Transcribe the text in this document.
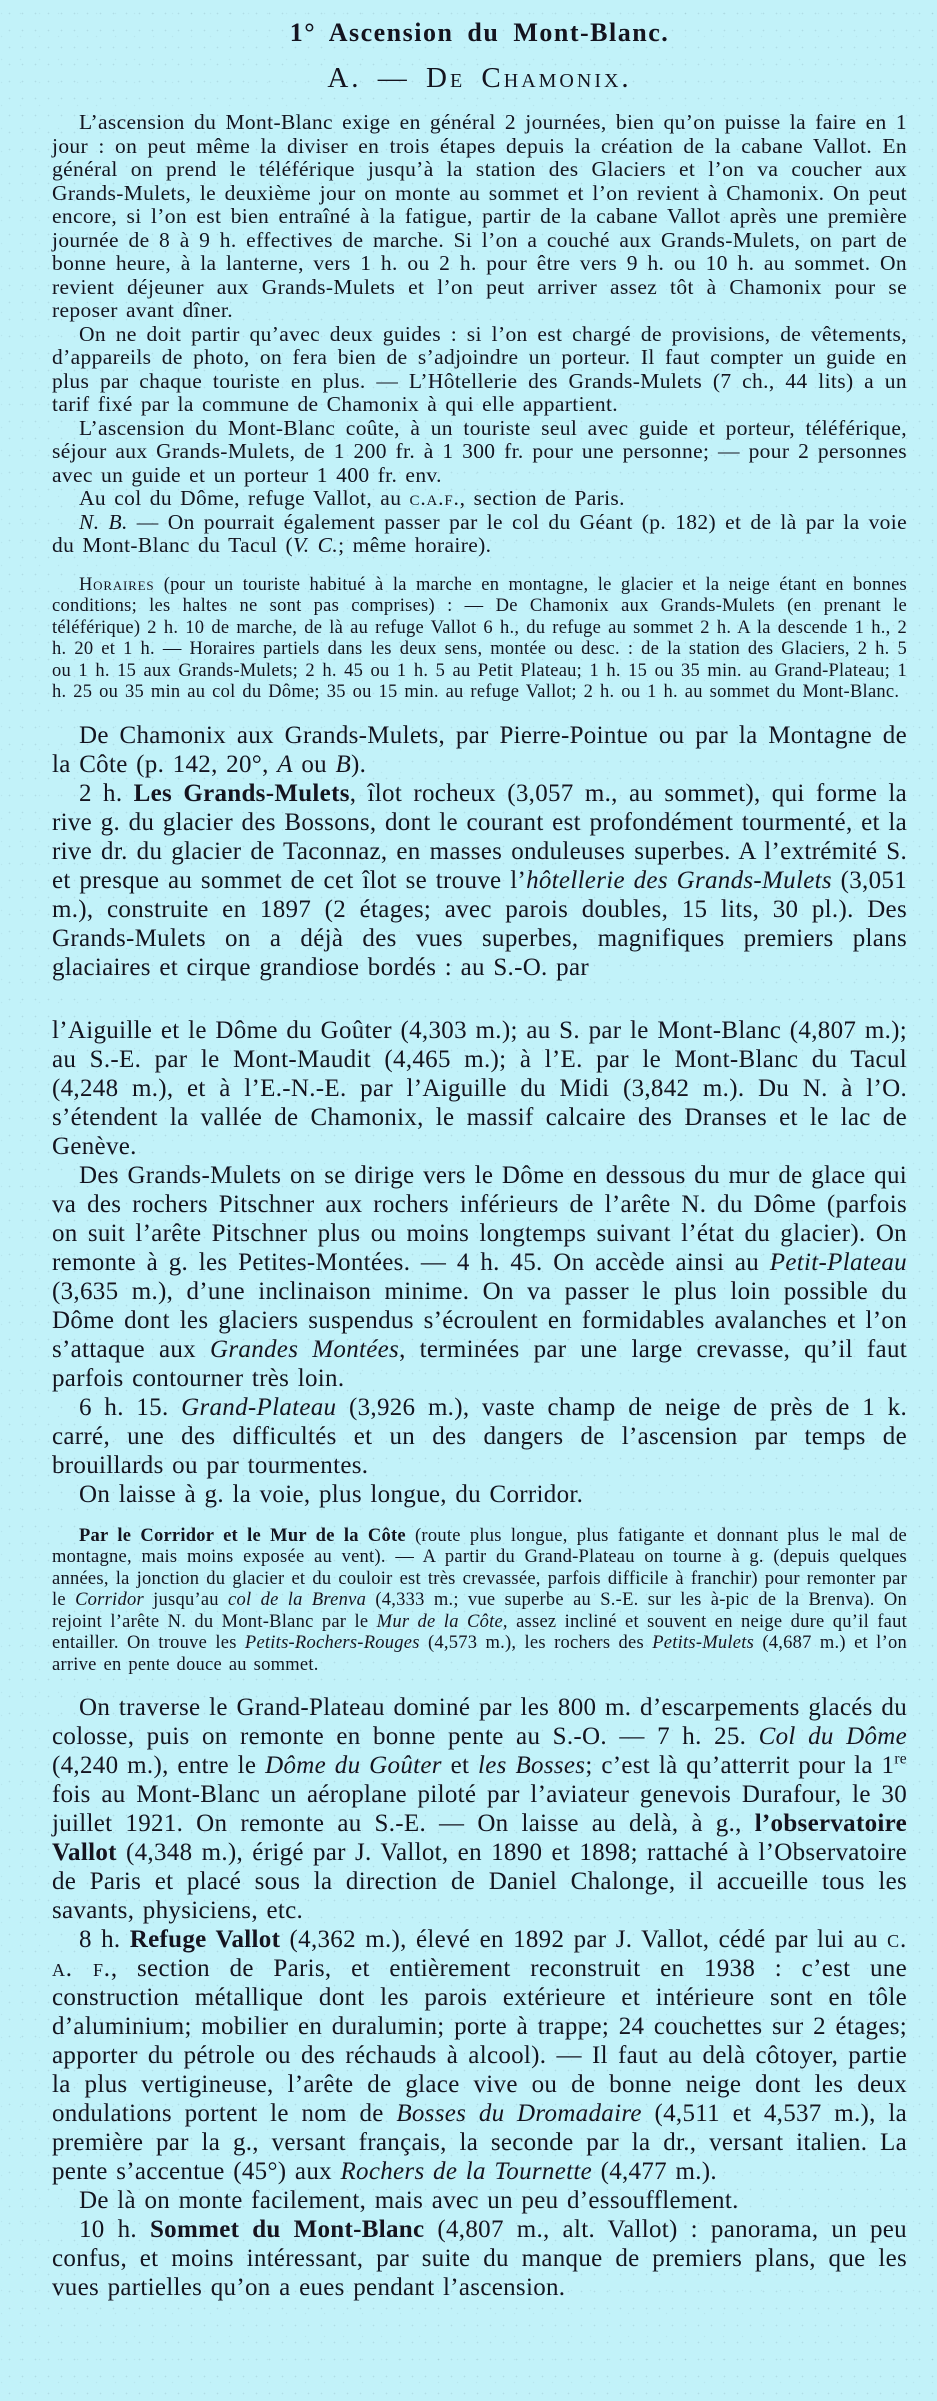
1° Ascension du Mont-Blanc.
A. — De Chamonix.

L’ascension du Mont-Blanc exige en général 2 journées, bien qu’on puisse la faire en 1 jour : on peut même la diviser en trois étapes depuis la création de la cabane Vallot. En général on prend le téléférique jusqu’à la station des Glaciers et l’on va coucher aux Grands-Mulets, le deuxième jour on monte au sommet et l’on revient à Chamonix. On peut encore, si l’on est bien entraîné à la fatigue, partir de la cabane Vallot après une première journée de 8 à 9 h. effectives de marche. Si l’on a couché aux Grands-Mulets, on part de bonne heure, à la lanterne, vers 1 h. ou 2 h. pour être vers 9 h. ou 10 h. au sommet. On revient déjeuner aux Grands-Mulets et l’on peut arriver assez tôt à Chamonix pour se reposer avant dîner.

On ne doit partir qu’avec deux guides : si l’on est chargé de provisions, de vêtements, d’appareils de photo, on fera bien de s’adjoindre un porteur. Il faut compter un guide en plus par chaque touriste en plus. — L’Hôtellerie des Grands-Mulets (7 ch., 44 lits) a un tarif fixé par la commune de Chamonix à qui elle appartient.

L’ascension du Mont-Blanc coûte, à un touriste seul avec guide et porteur, téléférique, séjour aux Grands-Mulets, de 1 200 fr. à 1 300 fr. pour une personne; — pour 2 personnes avec un guide et un porteur 1 400 fr. env.

Au col du Dôme, refuge Vallot, au c.a.f., section de Paris.

N. B. — On pourrait également passer par le col du Géant (p. 182) et de là par la voie du Mont-Blanc du Tacul (V. C.; même horaire).

Horaires (pour un touriste habitué à la marche en montagne, le glacier et la neige étant en bonnes conditions; les haltes ne sont pas comprises) : — De Chamonix aux Grands-Mulets (en prenant le téléférique) 2 h. 10 de marche, de là au refuge Vallot 6 h., du refuge au sommet 2 h. A la descende 1 h., 2 h. 20 et 1 h. — Horaires partiels dans les deux sens, montée ou desc. : de la station des Glaciers, 2 h. 5 ou 1 h. 15 aux Grands-Mulets; 2 h. 45 ou 1 h. 5 au Petit Plateau; 1 h. 15 ou 35 min. au Grand-Plateau; 1 h. 25 ou 35 min au col du Dôme; 35 ou 15 min. au refuge Vallot; 2 h. ou 1 h. au sommet du Mont-Blanc.

De Chamonix aux Grands-Mulets, par Pierre-Pointue ou par la Montagne de la Côte (p. 142, 20°, A ou B).

2 h. Les Grands-Mulets, îlot rocheux (3,057 m., au sommet), qui forme la rive g. du glacier des Bossons, dont le courant est profondément tourmenté, et la rive dr. du glacier de Taconnaz, en masses onduleuses superbes. A l’extrémité S. et presque au sommet de cet îlot se trouve l’hôtellerie des Grands-Mulets (3,051 m.), construite en 1897 (2 étages; avec parois doubles, 15 lits, 30 pl.). Des Grands-Mulets on a déjà des vues superbes, magnifiques premiers plans glaciaires et cirque grandiose bordés : au S.-O. par

l’Aiguille et le Dôme du Goûter (4,303 m.); au S. par le Mont-Blanc (4,807 m.); au S.-E. par le Mont-Maudit (4,465 m.); à l’E. par le Mont-Blanc du Tacul (4,248 m.), et à l’E.-N.-E. par l’Aiguille du Midi (3,842 m.). Du N. à l’O. s’étendent la vallée de Chamonix, le massif calcaire des Dranses et le lac de Genève.

Des Grands-Mulets on se dirige vers le Dôme en dessous du mur de glace qui va des rochers Pitschner aux rochers inférieurs de l’arête N. du Dôme (parfois on suit l’arête Pitschner plus ou moins longtemps suivant l’état du glacier). On remonte à g. les Petites-Montées. — 4 h. 45. On accède ainsi au Petit-Plateau (3,635 m.), d’une inclinaison minime. On va passer le plus loin possible du Dôme dont les glaciers suspendus s’écroulent en formidables avalanches et l’on s’attaque aux Grandes Montées, terminées par une large crevasse, qu’il faut parfois contourner très loin.

6 h. 15. Grand-Plateau (3,926 m.), vaste champ de neige de près de 1 k. carré, une des difficultés et un des dangers de l’ascension par temps de brouillards ou par tourmentes.

On laisse à g. la voie, plus longue, du Corridor.

Par le Corridor et le Mur de la Côte (route plus longue, plus fatigante et donnant plus le mal de montagne, mais moins exposée au vent). — A partir du Grand-Plateau on tourne à g. (depuis quelques années, la jonction du glacier et du couloir est très crevassée, parfois difficile à franchir) pour remonter par le Corridor jusqu’au col de la Brenva (4,333 m.; vue superbe au S.-E. sur les à-pic de la Brenva). On rejoint l’arête N. du Mont-Blanc par le Mur de la Côte, assez incliné et souvent en neige dure qu’il faut entailler. On trouve les Petits-Rochers-Rouges (4,573 m.), les rochers des Petits-Mulets (4,687 m.) et l’on arrive en pente douce au sommet.

On traverse le Grand-Plateau dominé par les 800 m. d’escarpements glacés du colosse, puis on remonte en bonne pente au S.-O. — 7 h. 25. Col du Dôme (4,240 m.), entre le Dôme du Goûter et les Bosses; c’est là qu’atterrit pour la 1re fois au Mont-Blanc un aéroplane piloté par l’aviateur genevois Durafour, le 30 juillet 1921. On remonte au S.-E. — On laisse au delà, à g., l’observatoire Vallot (4,348 m.), érigé par J. Vallot, en 1890 et 1898; rattaché à l’Observatoire de Paris et placé sous la direction de Daniel Chalonge, il accueille tous les savants, physiciens, etc.

8 h. Refuge Vallot (4,362 m.), élevé en 1892 par J. Vallot, cédé par lui au c. a. f., section de Paris, et entièrement reconstruit en 1938 : c’est une construction métallique dont les parois extérieure et intérieure sont en tôle d’aluminium; mobilier en duralumin; porte à trappe; 24 couchettes sur 2 étages; apporter du pétrole ou des réchauds à alcool). — Il faut au delà côtoyer, partie la plus vertigineuse, l’arête de glace vive ou de bonne neige dont les deux ondulations portent le nom de Bosses du Dromadaire (4,511 et 4,537 m.), la première par la g., versant français, la seconde par la dr., versant italien. La pente s’accentue (45°) aux Rochers de la Tournette (4,477 m.).

De là on monte facilement, mais avec un peu d’essoufflement.

10 h. Sommet du Mont-Blanc (4,807 m., alt. Vallot) : panorama, un peu confus, et moins intéressant, par suite du manque de premiers plans, que les vues partielles qu’on a eues pendant l’ascension.
